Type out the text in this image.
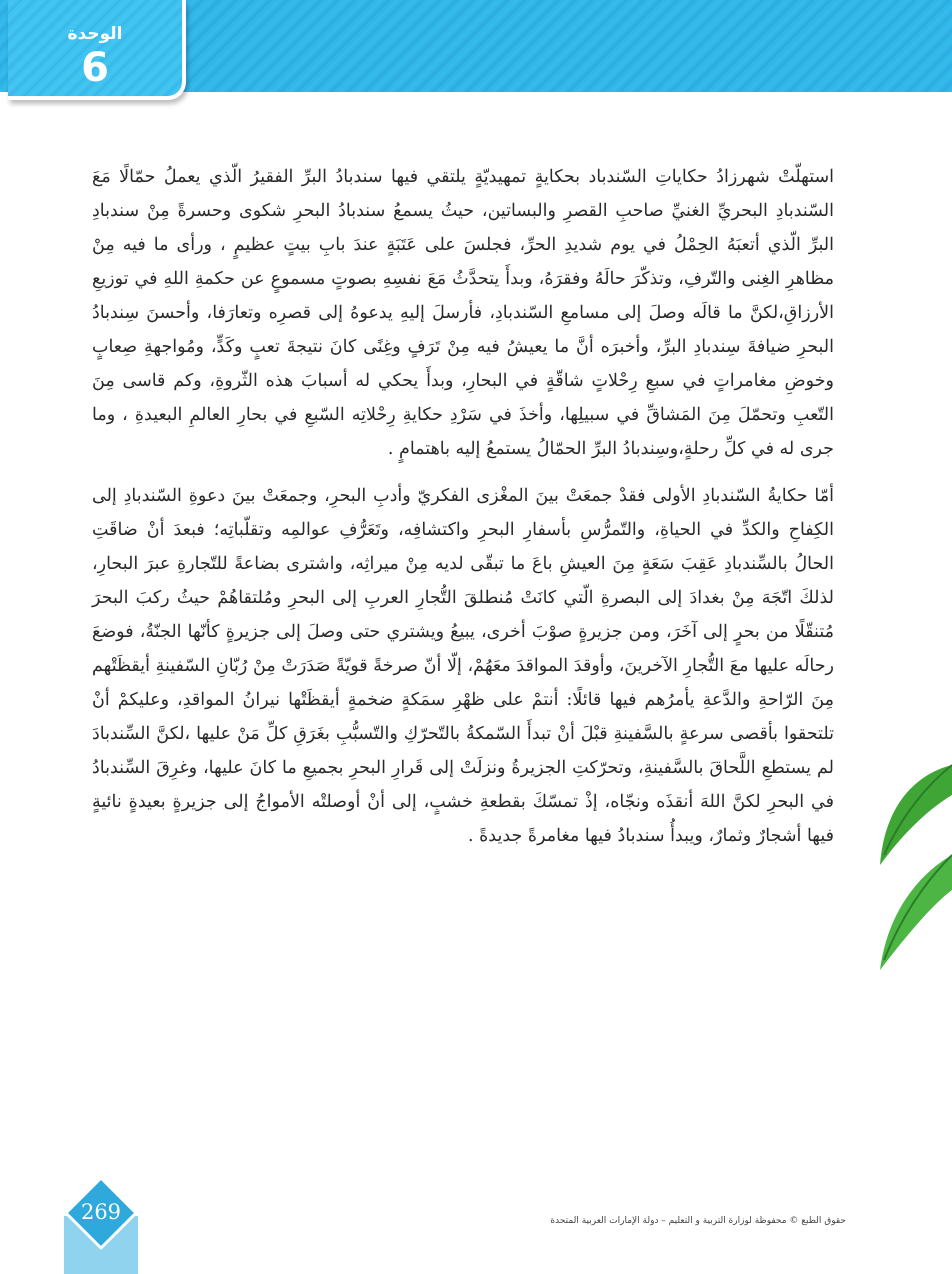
الوحدة
6

استهلّتْ شهرزادُ حكاياتِ السّندباد بحكايةٍ تمهيديّةٍ يلتقي فيها سندبادُ البرِّ الفقيرُ الّذي يعملُ حمّالًا مَعَ السّندبادِ البحريِّ الغنيِّ صاحبِ القصرِ والبساتين، حيثُ يسمعُ سندبادُ البحرِ شكوى وحسرةً مِنْ سندبادِ البرِّ الّذي أتعبَهُ الحِمْلُ في يوم شديدِ الحرِّ، فجلسَ على عَتَبَةٍ عندَ بابِ بيتٍ عظيمٍ ، ورأى ما فيه مِنْ مظاهرِ الغِنى والتّرفِ، وتذكّرَ حالَهُ وفقرَهُ، وبدأَ يتحدَّثُ مَعَ نفسِهِ بصوتٍ مسموعٍ عن حكمةِ اللهِ في توزيعِ الأرزاقِ،لكنَّ ما قالَه وصلَ إلى مسامعِ السّندبادِ، فأرسلَ إليهِ يدعوهُ إلى قصرِه وتعارَفا، وأحسنَ سِندبادُ البحرِ ضيافةَ سِندبادِ البرِّ، وأخبرَه أنَّ ما يعيشُ فيه مِنْ تَرَفٍ وغِنًى كانَ نتيجةَ تعبٍ وكَدٍّ، ومُواجهةِ صِعابٍ وخوضِ مغامراتٍ في سبعِ رِحْلاتٍ شاقّةٍ في البحارِ، وبدأَ يحكي له أسبابَ هذه الثّروةِ، وكم قاسى مِنَ التّعبِ وتحمّلَ مِنَ المَشاقِّ في سبيلِها، وأخذَ في سَرْدِ حكايةِ رِحْلاتِه السّبعِ في بحارِ العالمِ البعيدةِ ، وما جرى له في كلِّ رحلةٍ،وسِندبادُ البرِّ الحمّالُ يستمعُ إليه باهتمامٍ .

أمّا حكايةُ السّندبادِ الأولى فقدْ جمعَتْ بينَ المغْزى الفكريّ وأدبِ البحرِ، وجمعَتْ بينَ دعوةِ السّندبادِ إلى الكِفاحِ والكدِّ في الحياةِ، والتّمرُّسِ بأسفارِ البحرِ واكتشافِه، وتَعَرُّفِ عوالمِه وتقلّباتِه؛ فبعدَ أنْ ضاقَتِ الحالُ بالسِّندبادِ عَقِبَ سَعَةٍ مِنَ العيشِ باعَ ما تبقّى لديه مِنْ ميراثِه، واشترى بضاعةً للتّجارةِ عبرَ البحارِ، لذلكَ اتّجَهَ مِنْ بغدادَ إلى البصرةِ الّتي كانَتْ مُنطلقَ التُّجارِ العربِ إلى البحرِ ومُلتقاهُمْ حيثُ ركبَ البحرَ مُتنقّلًا من بحرٍ إلى آخَرَ، ومن جزيرةٍ صوْبَ أخرى، يبيعُ ويشتري حتى وصلَ إلى جزيرةٍ كأنّها الجنّةُ، فوضعَ رحالَه عليها معَ التُّجارِ الآخرينَ، وأوقدَ المواقدَ معَهُمْ، إلّا أنّ صرخةً قويّةً صَدَرَتْ مِنْ رُبّانِ السّفينةِ أيقظَتْهم مِنَ الرّاحةِ والدَّعةِ يأمرُهم فيها قائلًا: أنتمْ على ظهْرِ سمَكةٍ ضخمةٍ أيقظَتْها نيرانُ المواقدِ، وعليكمْ أنْ تلتحقوا بأقصى سرعةٍ بالسَّفينةِ قبْلَ أنْ تبدأَ السّمكةُ بالتّحرّكِ والتّسبُّبِ بغَرَقِ كلِّ مَنْ عليها ،لكنَّ السِّندبادَ لم يستطعِ اللَّحاقَ بالسَّفينةِ، وتحرّكتِ الجزيرةُ ونزلَتْ إلى قَرارِ البحرِ بجميعِ ما كانَ عليها، وغرِقَ السِّندبادُ في البحرِ لكنَّ اللهَ أنقذَه ونجّاه، إذْ تمسّكَ بقطعةِ خشبٍ، إلى أنْ أوصلتْه الأمواجُ إلى جزيرةٍ بعيدةٍ نائيةٍ فيها أشجارٌ وثمارٌ، ويبدأُ سندبادُ فيها مغامرةً جديدةً .

حقوق الطبع © محفوظة لوزارة التربية و التعليم – دولة الإمارات العربية المتحدة
269
